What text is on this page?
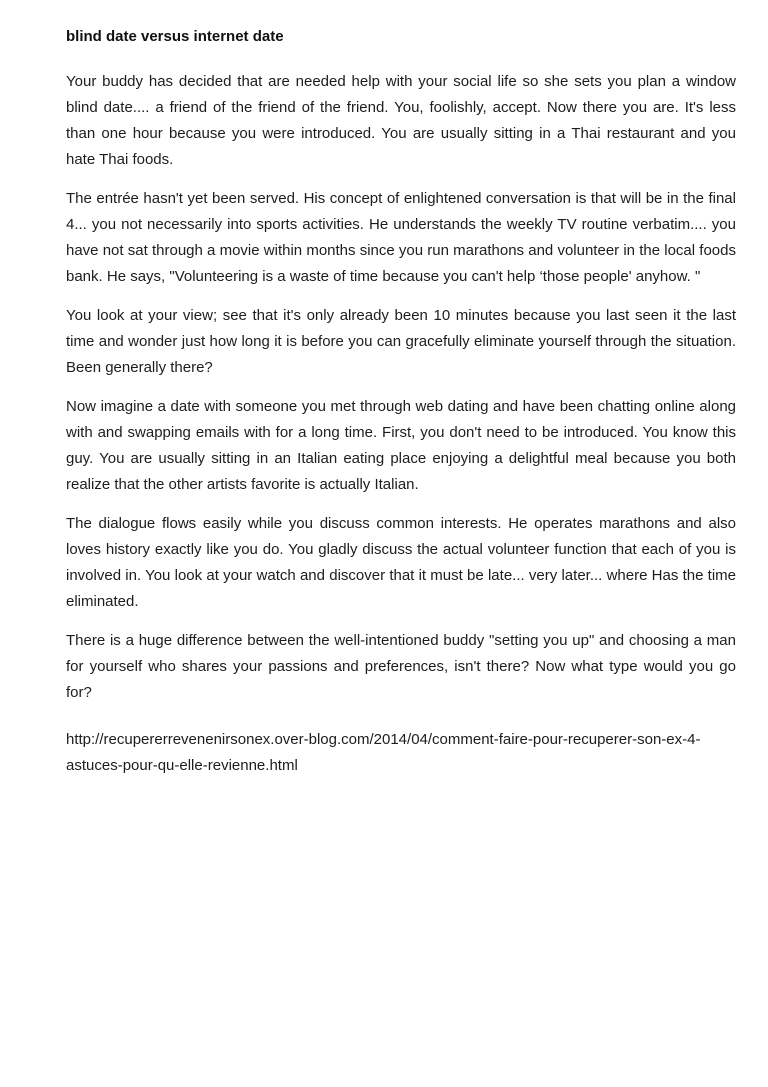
blind date versus internet date

Your buddy has decided that are needed help with your social life so she sets you plan a window blind date.... a friend of the friend of the friend. You, foolishly, accept. Now there you are. It's less than one hour because you were introduced. You are usually sitting in a Thai restaurant and you hate Thai foods.

The entrée hasn't yet been served. His concept of enlightened conversation is that will be in the final 4... you not necessarily into sports activities. He understands the weekly TV routine verbatim.... you have not sat through a movie within months since you run marathons and volunteer in the local foods bank. He says, "Volunteering is a waste of time because you can't help ‘those people' anyhow. "

You look at your view; see that it's only already been 10 minutes because you last seen it the last time and wonder just how long it is before you can gracefully eliminate yourself through the situation. Been generally there?

Now imagine a date with someone you met through web dating and have been chatting online along with and swapping emails with for a long time. First, you don't need to be introduced. You know this guy. You are usually sitting in an Italian eating place enjoying a delightful meal because you both realize that the other artists favorite is actually Italian.

The dialogue flows easily while you discuss common interests. He operates marathons and also loves history exactly like you do. You gladly discuss the actual volunteer function that each of you is involved in. You look at your watch and discover that it must be late... very later... where Has the time eliminated.

There is a huge difference between the well-intentioned buddy "setting you up" and choosing a man for yourself who shares your passions and preferences, isn't there? Now what type would you go for?

http://recupererrevenenirsonex.over-blog.com/2014/04/comment-faire-pour-recuperer-son-ex-4-astuces-pour-qu-elle-revienne.html
